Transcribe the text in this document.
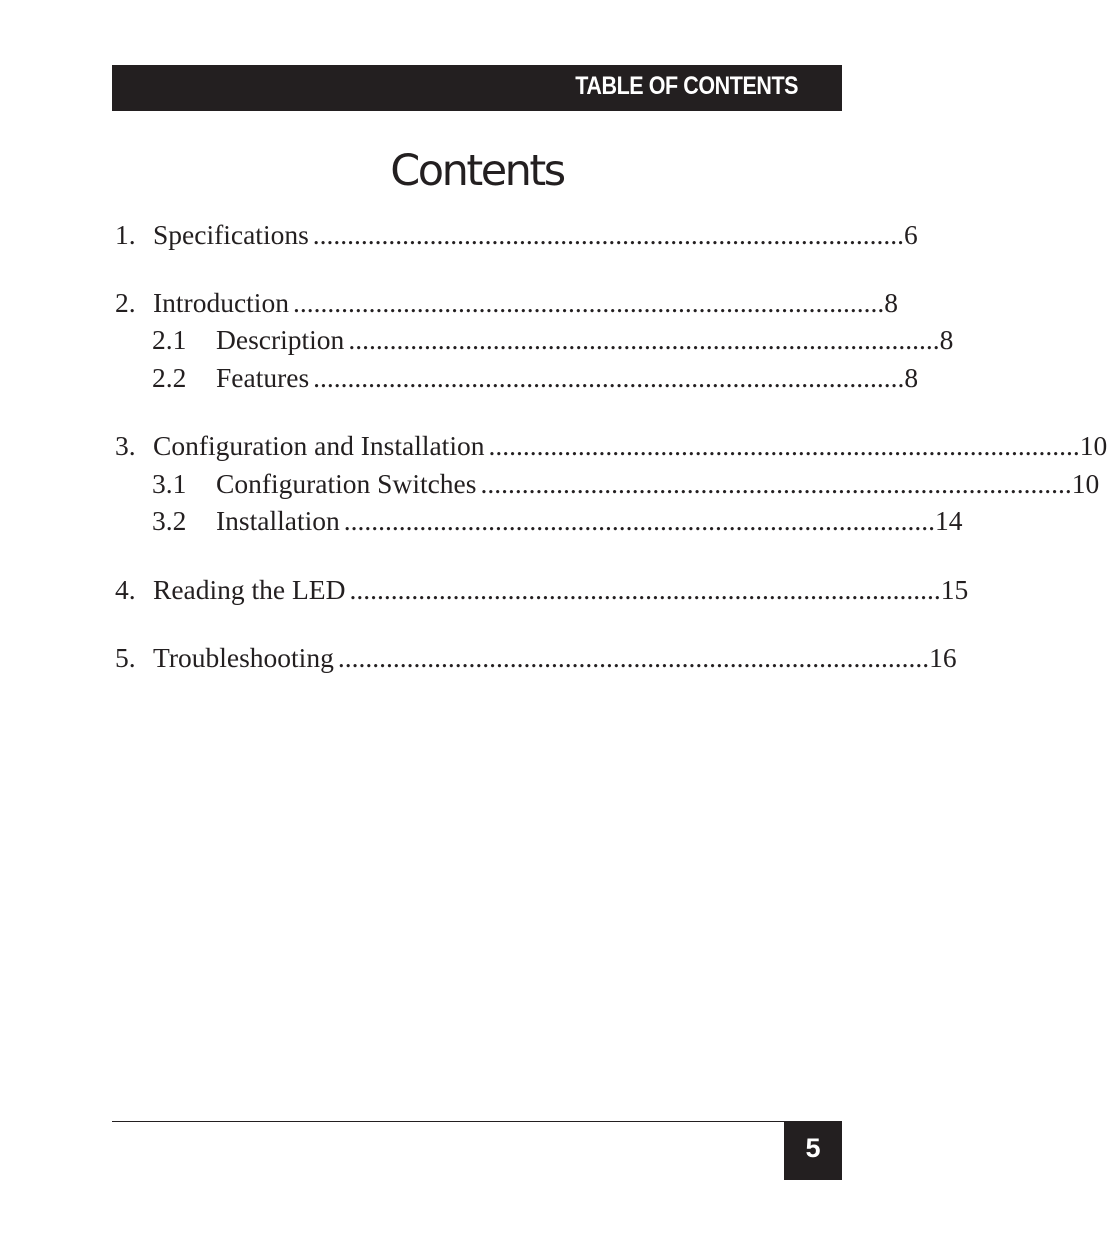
TABLE OF CONTENTS
Contents
1. Specifications ...................................................................................... 6
2. Introduction ...................................................................................... 8
2.1	Description ...................................................................................... 8
2.2	Features ...................................................................................... 8
3. Configuration and Installation ...................................................................................... 10
3.1	Configuration Switches ...................................................................................... 10
3.2	Installation ...................................................................................... 14
4. Reading the LED ...................................................................................... 15
5. Troubleshooting ...................................................................................... 16
5
